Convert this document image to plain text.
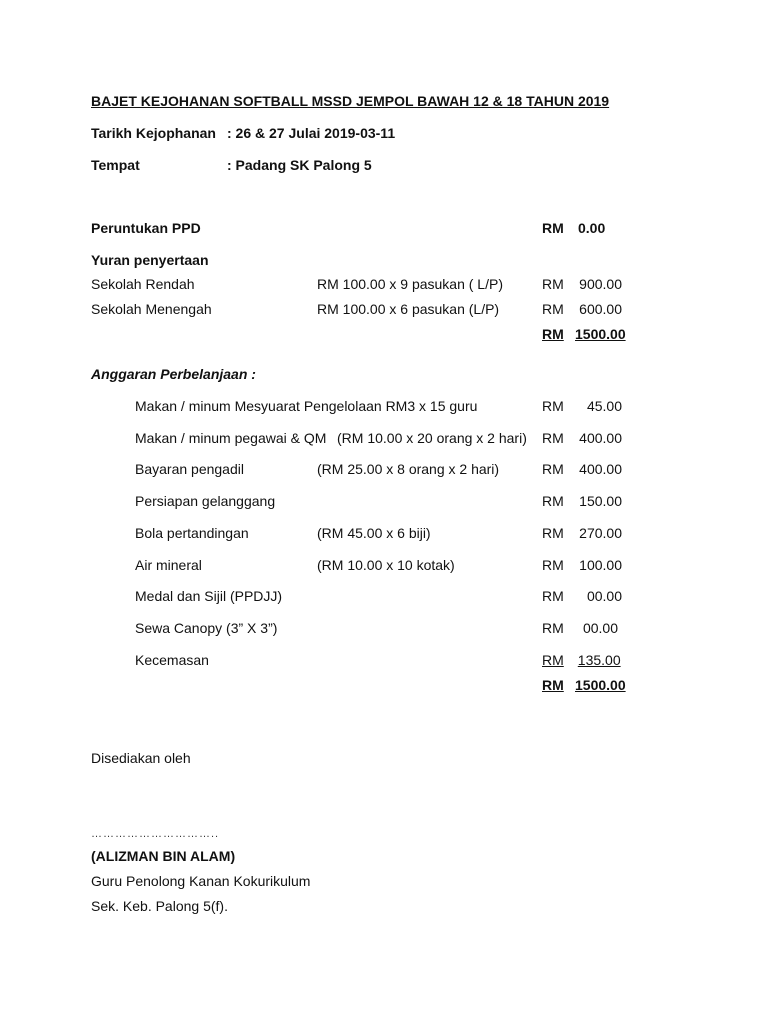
BAJET KEJOHANAN SOFTBALL MSSD JEMPOL BAWAH 12 & 18 TAHUN 2019
Tarikh Kejophanan : 26 & 27 Julai 2019-03-11
Tempat	: Padang SK Palong 5
Peruntukan PPD	RM 0.00
Yuran penyertaan
Sekolah Rendah	RM 100.00 x 9 pasukan ( L/P)	RM	900.00
Sekolah Menengah	RM 100.00 x 6 pasukan (L/P)	RM	600.00
RM 1500.00
Anggaran Perbelanjaan :
Makan / minum Mesyuarat Pengelolaan RM3 x 15 guru	RM	45.00
Makan / minum pegawai & QM (RM 10.00 x 20 orang x 2 hari) RM	400.00
Bayaran pengadil	(RM 25.00 x 8 orang x 2 hari)	RM	400.00
Persiapan gelanggang	RM	150.00
Bola pertandingan	(RM 45.00 x 6 biji)	RM	270.00
Air mineral	(RM 10.00 x 10 kotak)	RM	100.00
Medal dan Sijil (PPDJJ)	RM	00.00
Sewa Canopy (3” X 3”)	RM	00.00
Kecemasan	RM 135.00
RM 1500.00
Disediakan oleh
…………………………..
(ALIZMAN BIN ALAM)
Guru Penolong Kanan Kokurikulum
Sek. Keb. Palong 5(f).
